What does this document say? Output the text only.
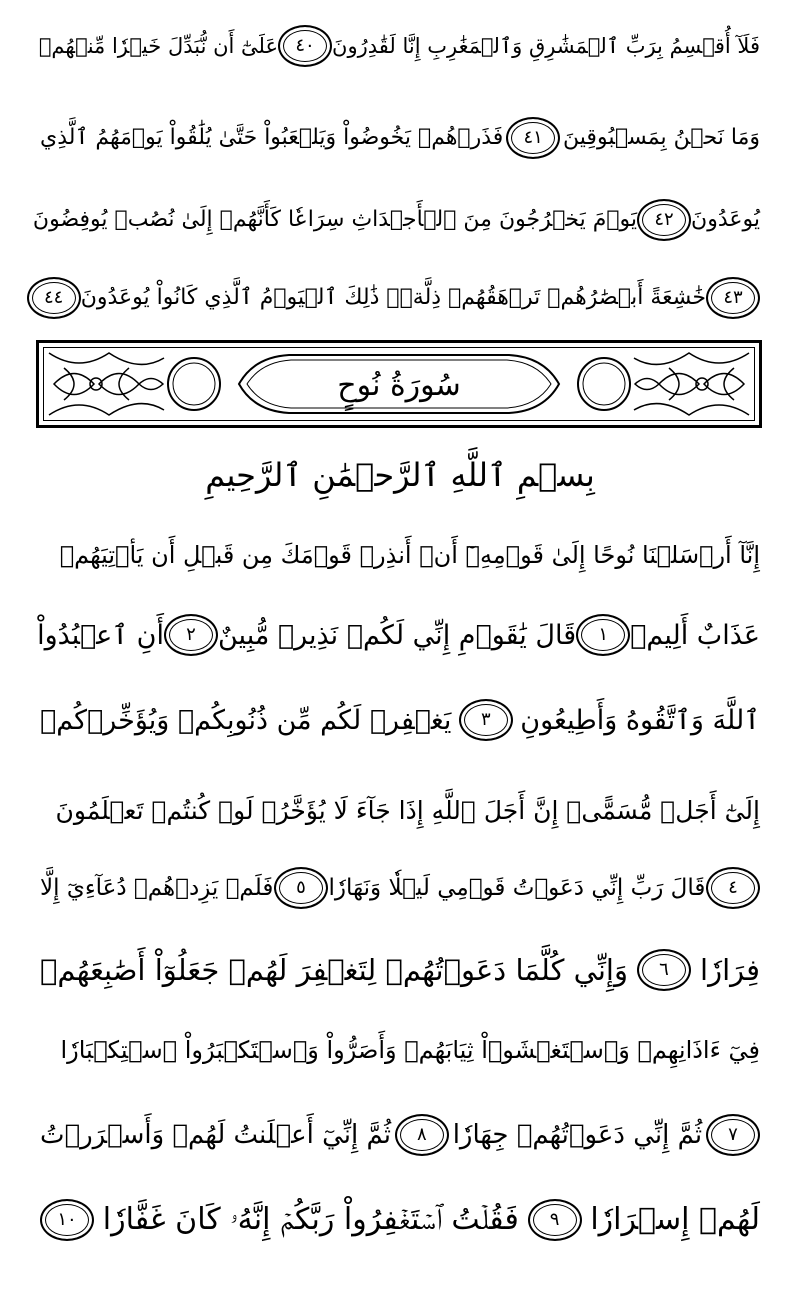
فَلَآ أُقۡسِمُ بِرَبِّ ٱلۡمَشَٰرِقِ وَٱلۡمَغَٰرِبِ إِنَّا لَقَٰدِرُونَ
٤٠
عَلَىٰٓ أَن نُّبَدِّلَ خَيۡرٗا مِّنۡهُمۡ
وَمَا نَحۡنُ بِمَسۡبُوقِينَ
٤١
فَذَرۡهُمۡ يَخُوضُواْ وَيَلۡعَبُواْ حَتَّىٰ يُلَٰقُواْ يَوۡمَهُمُ ٱلَّذِي
يُوعَدُونَ
٤٢
يَوۡمَ يَخۡرُجُونَ مِنَ ٱلۡأَجۡدَاثِ سِرَاعٗا كَأَنَّهُمۡ إِلَىٰ نُصُبٖ يُوفِضُونَ
٤٣
خَٰشِعَةً أَبۡصَٰرُهُمۡ تَرۡهَقُهُمۡ ذِلَّةٞۚ ذَٰلِكَ ٱلۡيَوۡمُ ٱلَّذِي كَانُواْ يُوعَدُونَ
٤٤
سُورَةُ نُوحٍ
بِسۡمِ ٱللَّهِ ٱلرَّحۡمَٰنِ ٱلرَّحِيمِ
إِنَّآ أَرۡسَلۡنَا نُوحًا إِلَىٰ قَوۡمِهِۦٓ أَنۡ أَنذِرۡ قَوۡمَكَ مِن قَبۡلِ أَن يَأۡتِيَهُمۡ
عَذَابٌ أَلِيمٞ
١
قَالَ يَٰقَوۡمِ إِنِّي لَكُمۡ نَذِيرٞ مُّبِينٌ
٢
أَنِ ٱعۡبُدُواْ
ٱللَّهَ وَٱتَّقُوهُ وَأَطِيعُونِ
٣
يَغۡفِرۡ لَكُم مِّن ذُنُوبِكُمۡ وَيُؤَخِّرۡكُمۡ
إِلَىٰٓ أَجَلٖ مُّسَمًّىۚ إِنَّ أَجَلَ ٱللَّهِ إِذَا جَآءَ لَا يُؤَخَّرُۚ لَوۡ كُنتُمۡ تَعۡلَمُونَ
٤
قَالَ رَبِّ إِنِّي دَعَوۡتُ قَوۡمِي لَيۡلٗا وَنَهَارٗا
٥
فَلَمۡ يَزِدۡهُمۡ دُعَآءِيٓ إِلَّا
فِرَارٗا
٦
وَإِنِّي كُلَّمَا دَعَوۡتُهُمۡ لِتَغۡفِرَ لَهُمۡ جَعَلُوٓاْ أَصَٰبِعَهُمۡ
فِيٓ ءَاذَانِهِمۡ وَٱسۡتَغۡشَوۡاْ ثِيَابَهُمۡ وَأَصَرُّواْ وَٱسۡتَكۡبَرُواْ ٱسۡتِكۡبَارٗا
٧
ثُمَّ إِنِّي دَعَوۡتُهُمۡ جِهَارٗا
٨
ثُمَّ إِنِّيٓ أَعۡلَنتُ لَهُمۡ وَأَسۡرَرۡتُ
لَهُمۡ إِسۡرَارٗا
٩
فَقُلۡتُ ٱسۡتَغۡفِرُواْ رَبَّكُمۡ إِنَّهُۥ كَانَ غَفَّارٗا
١٠
